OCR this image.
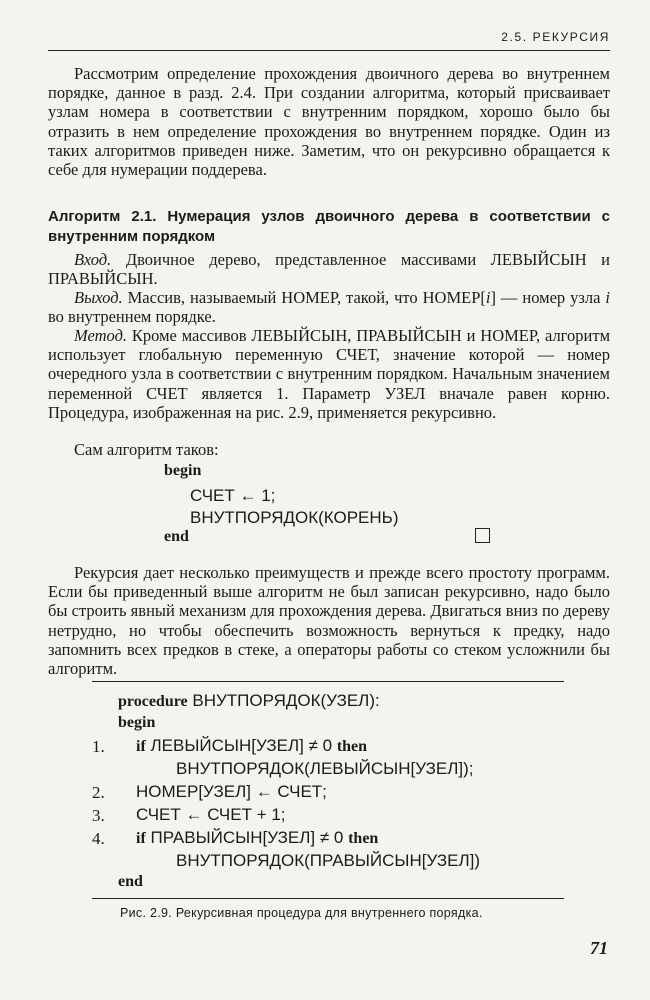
2.5. РЕКУРСИЯ
Рассмотрим определение прохождения двоичного дерева во внутреннем порядке, данное в разд. 2.4. При создании алгоритма, который присваивает узлам номера в соответствии с внутренним порядком, хорошо было бы отразить в нем определение прохождения во внутреннем порядке. Один из таких алгоритмов приведен ниже. Заметим, что он рекурсивно обращается к себе для нумерации поддерева.
Алгоритм 2.1. Нумерация узлов двоичного дерева в соответствии с внутренним порядком
Вход. Двоичное дерево, представленное массивами ЛЕВЫЙСЫН и ПРАВЫЙСЫН.
Выход. Массив, называемый НОМЕР, такой, что НОМЕР[i] — номер узла i во внутреннем порядке.
Метод. Кроме массивов ЛЕВЫЙСЫН, ПРАВЫЙСЫН и НОМЕР, алгоритм использует глобальную переменную СЧЕТ, значение которой — номер очередного узла в соответствии с внутренним порядком. Начальным значением переменной СЧЕТ является 1. Параметр УЗЕЛ вначале равен корню. Процедура, изображенная на рис. 2.9, применяется рекурсивно.
Сам алгоритм таков:
begin
СЧЕТ ← 1;
ВНУТПОРЯДОК(КОРЕНЬ)
end
Рекурсия дает несколько преимуществ и прежде всего простоту программ. Если бы приведенный выше алгоритм не был записан рекурсивно, надо было бы строить явный механизм для прохождения дерева. Двигаться вниз по дереву нетрудно, но чтобы обеспечить возможность вернуться к предку, надо запомнить всех предков в стеке, а операторы работы со стеком усложнили бы алгоритм.
procedure ВНУТПОРЯДОК(УЗЕЛ):
begin
1. if ЛЕВЫЙСЫН[УЗЕЛ] ≠ 0 then
ВНУТПОРЯДОК(ЛЕВЫЙСЫН[УЗЕЛ]);
2. НОМЕР[УЗЕЛ] ← СЧЕТ;
3. СЧЕТ ← СЧЕТ + 1;
4. if ПРАВЫЙСЫН[УЗЕЛ] ≠ 0 then
ВНУТПОРЯДОК(ПРАВЫЙСЫН[УЗЕЛ])
end
Рис. 2.9. Рекурсивная процедура для внутреннего порядка.
71
